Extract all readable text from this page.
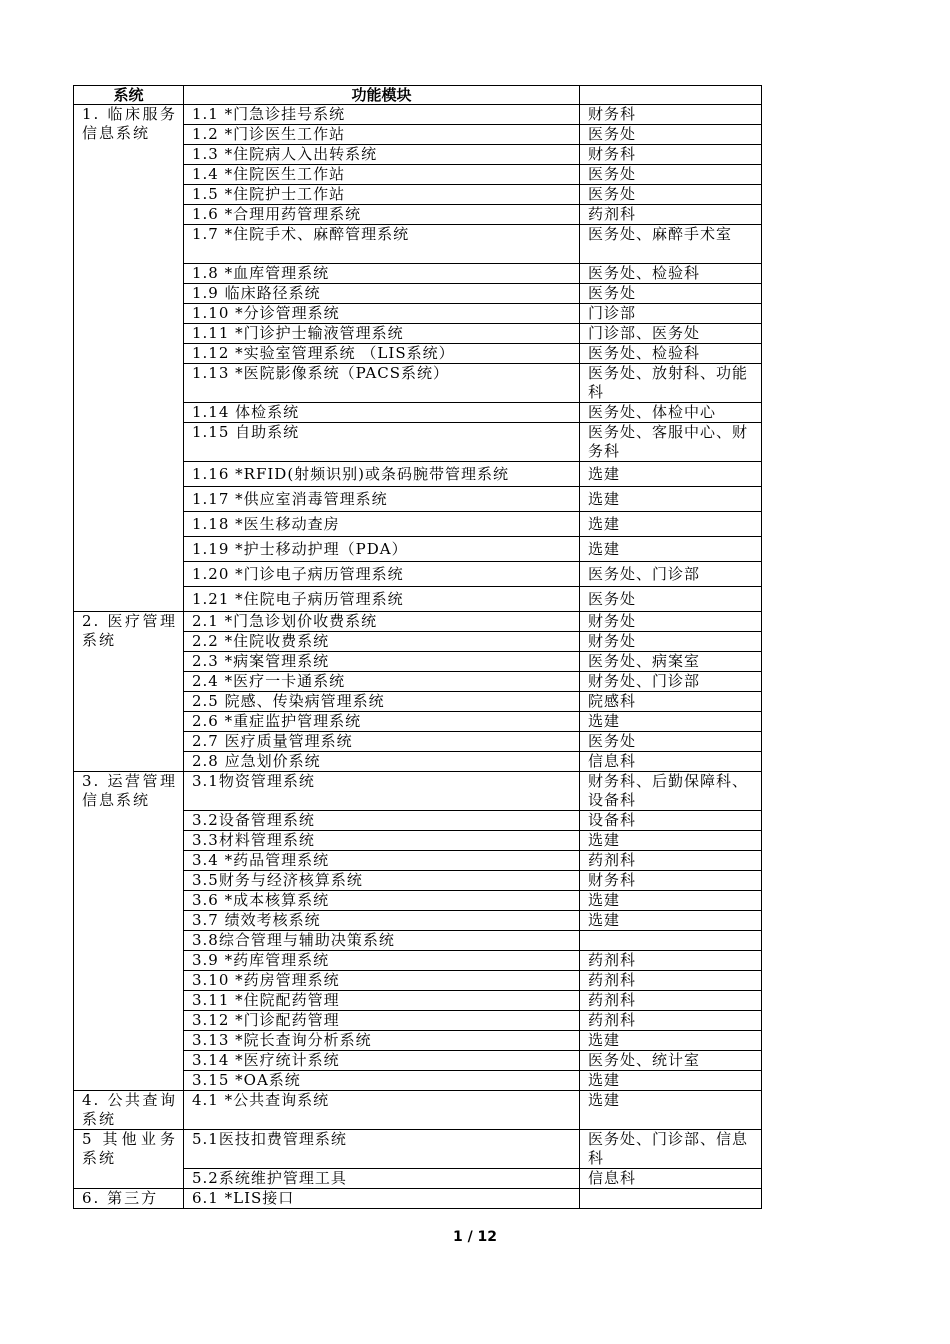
系统	功能模块	
1. 临床服务信息系统	1.1 *门急诊挂号系统	财务科
	1.2 *门诊医生工作站	医务处
	1.3 *住院病人入出转系统	财务科
	1.4 *住院医生工作站	医务处
	1.5 *住院护士工作站	医务处
	1.6 *合理用药管理系统	药剂科
	1.7 *住院手术、麻醉管理系统	医务处、麻醉手术室
	1.8 *血库管理系统	医务处、检验科
	1.9 临床路径系统	医务处
	1.10 *分诊管理系统	门诊部
	1.11 *门诊护士输液管理系统	门诊部、医务处
	1.12 *实验室管理系统 （LIS系统）	医务处、检验科
	1.13 *医院影像系统（PACS系统）	医务处、放射科、功能科
	1.14 体检系统	医务处、体检中心
	1.15 自助系统	医务处、客服中心、财务科
	1.16 *RFID(射频识别)或条码腕带管理系统	选建
	1.17 *供应室消毒管理系统	选建
	1.18 *医生移动查房	选建
	1.19 *护士移动护理（PDA）	选建
	1.20 *门诊电子病历管理系统	医务处、门诊部
	1.21 *住院电子病历管理系统	医务处
2. 医疗管理系统	2.1 *门急诊划价收费系统	财务处
	2.2 *住院收费系统	财务处
	2.3 *病案管理系统	医务处、病案室
	2.4 *医疗一卡通系统	财务处、门诊部
	2.5 院感、传染病管理系统	院感科
	2.6 *重症监护管理系统	选建
	2.7 医疗质量管理系统	医务处
	2.8 应急划价系统	信息科
3. 运营管理信息系统	3.1物资管理系统	财务科、后勤保障科、设备科
	3.2设备管理系统	设备科
	3.3材料管理系统	选建
	3.4 *药品管理系统	药剂科
	3.5财务与经济核算系统	财务科
	3.6 *成本核算系统	选建
	3.7 绩效考核系统	选建
	3.8综合管理与辅助决策系统	
	3.9 *药库管理系统	药剂科
	3.10 *药房管理系统	药剂科
	3.11 *住院配药管理	药剂科
	3.12 *门诊配药管理	药剂科
	3.13 *院长查询分析系统	选建
	3.14 *医疗统计系统	医务处、统计室
	3.15 *OA系统	选建
4. 公共查询系统	4.1 *公共查询系统	选建
5 其他业务系统	5.1医技扣费管理系统	医务处、门诊部、信息科
	5.2系统维护管理工具	信息科
6. 第三方	6.1 *LIS接口	
1 / 12
